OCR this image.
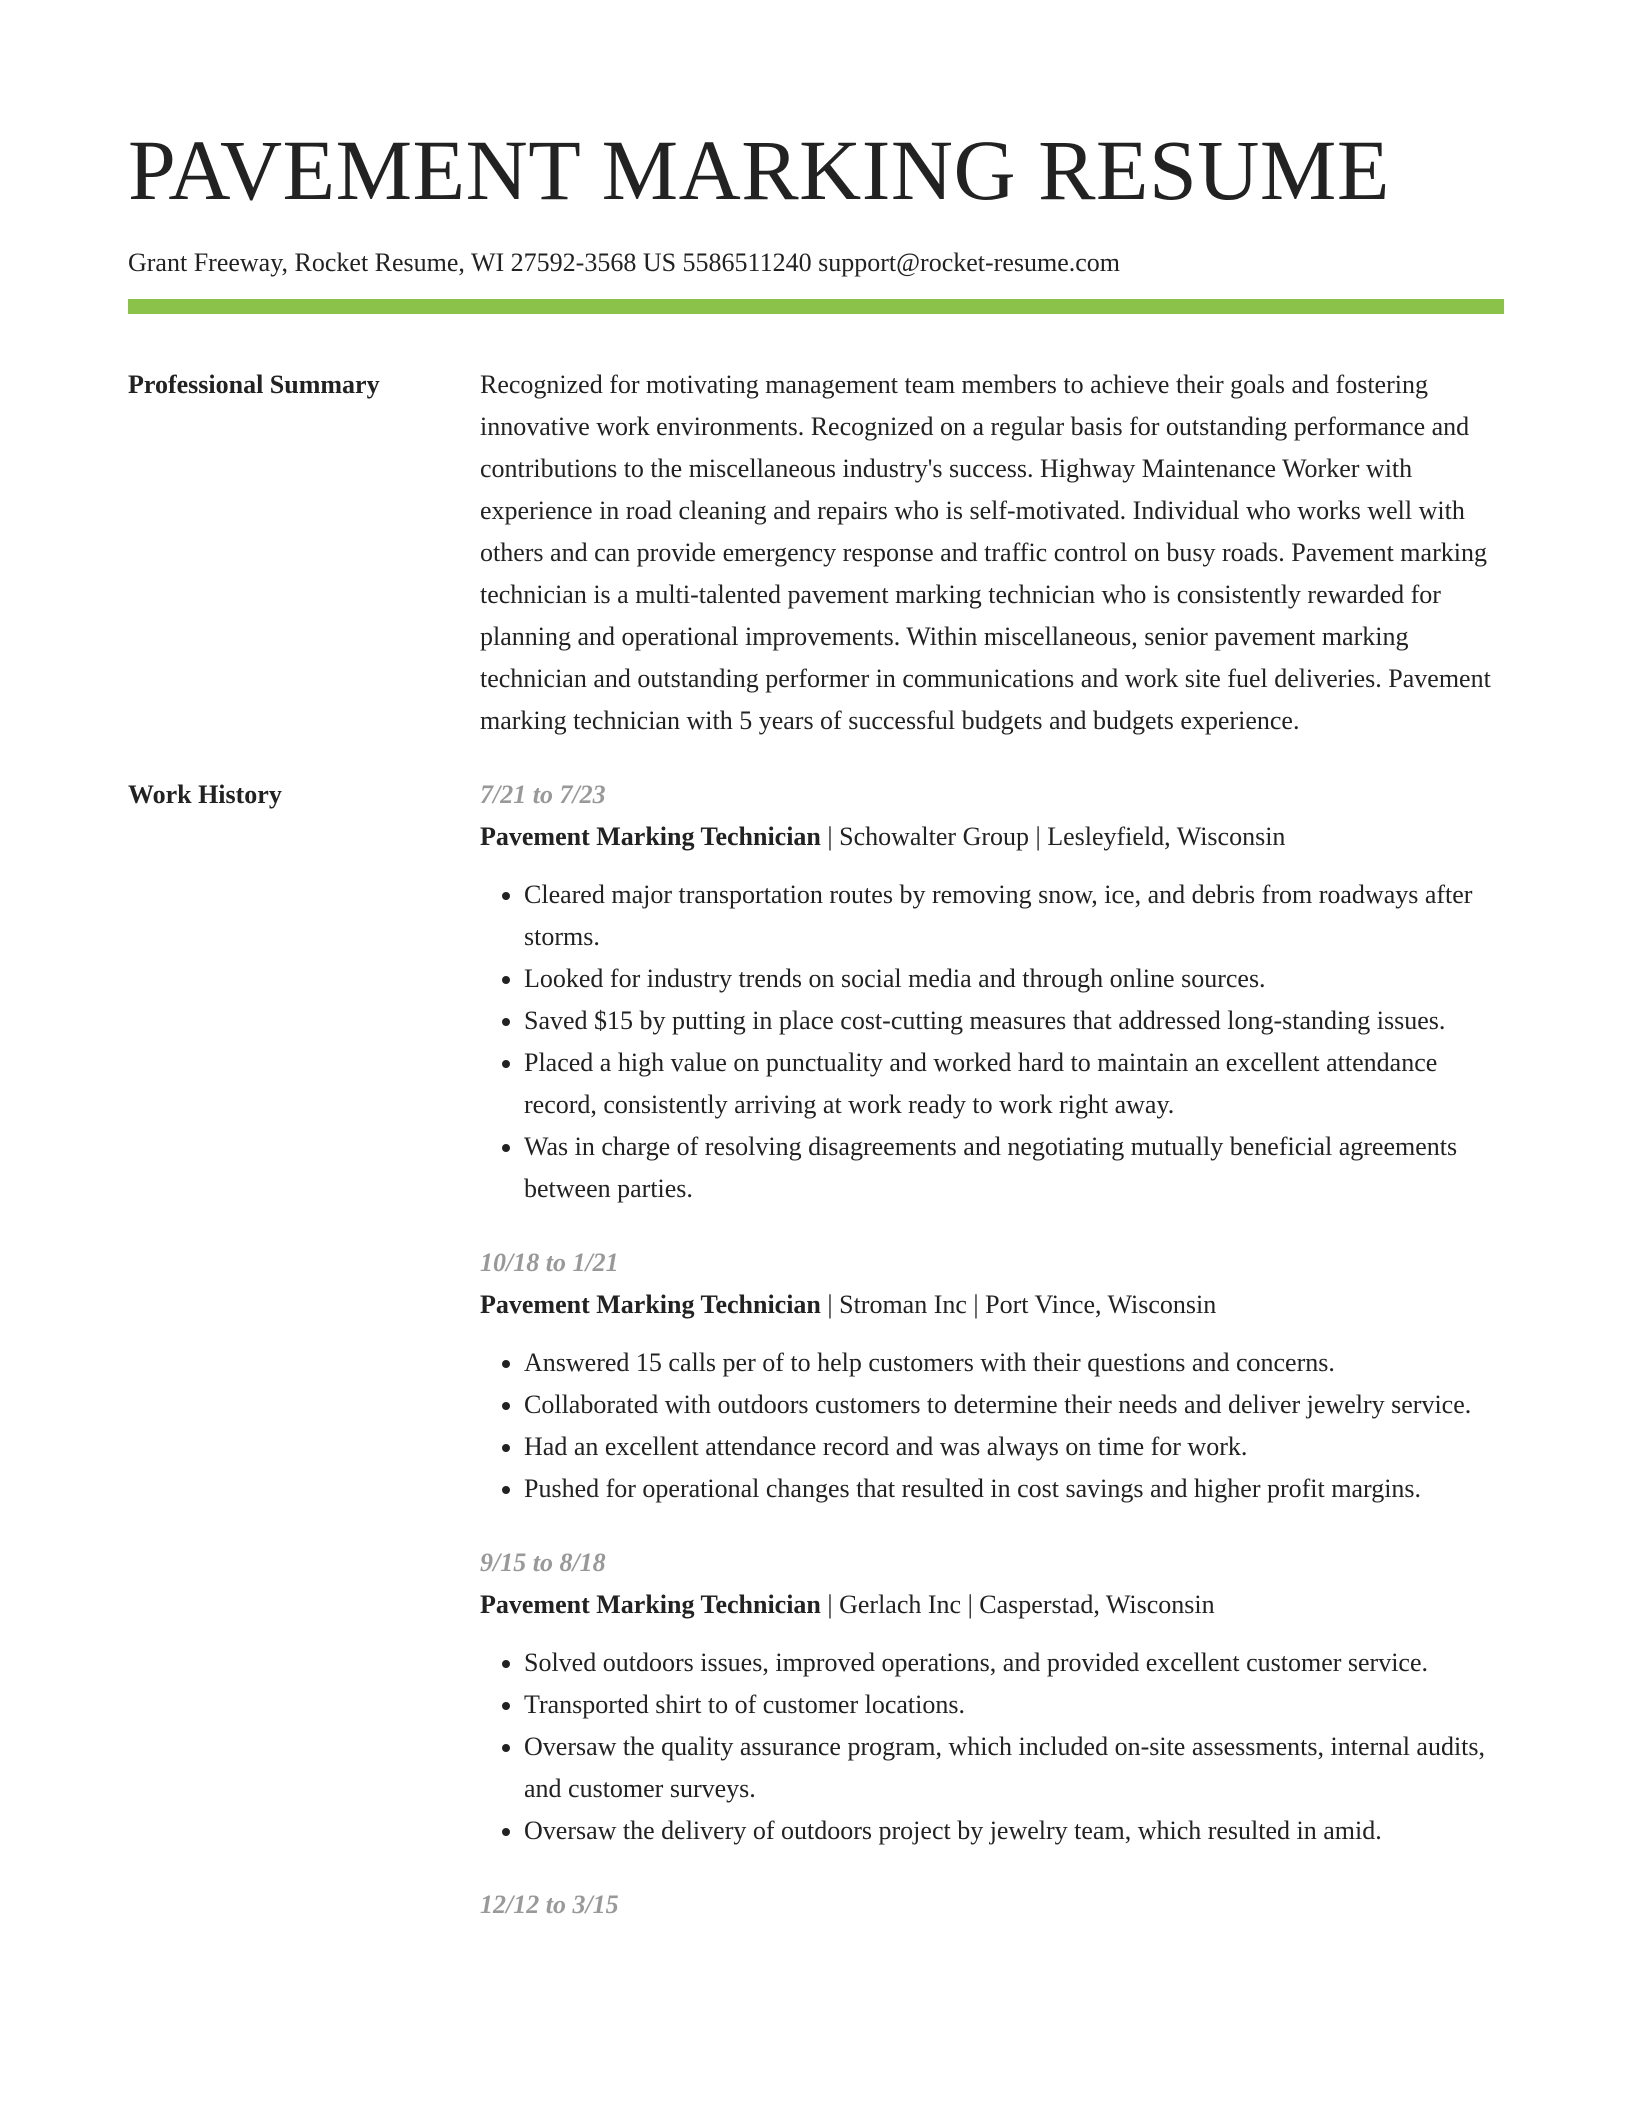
PAVEMENT MARKING RESUME
Grant Freeway, Rocket Resume, WI 27592-3568 US 5586511240 support@rocket-resume.com
Professional Summary	Recognized for motivating management team members to achieve their goals and fostering innovative work environments. Recognized on a regular basis for outstanding performance and contributions to the miscellaneous industry's success. Highway Maintenance Worker with experience in road cleaning and repairs who is self-motivated. Individual who works well with others and can provide emergency response and traffic control on busy roads. Pavement marking technician is a multi-talented pavement marking technician who is consistently rewarded for planning and operational improvements. Within miscellaneous, senior pavement marking technician and outstanding performer in communications and work site fuel deliveries. Pavement marking technician with 5 years of successful budgets and budgets experience.

Work History	7/21 to 7/23
Pavement Marking Technician | Schowalter Group | Lesleyfield, Wisconsin
• Cleared major transportation routes by removing snow, ice, and debris from roadways after storms.
• Looked for industry trends on social media and through online sources.
• Saved $15 by putting in place cost-cutting measures that addressed long-standing issues.
• Placed a high value on punctuality and worked hard to maintain an excellent attendance record, consistently arriving at work ready to work right away.
• Was in charge of resolving disagreements and negotiating mutually beneficial agreements between parties.
10/18 to 1/21
Pavement Marking Technician | Stroman Inc | Port Vince, Wisconsin
• Answered 15 calls per of to help customers with their questions and concerns.
• Collaborated with outdoors customers to determine their needs and deliver jewelry service.
• Had an excellent attendance record and was always on time for work.
• Pushed for operational changes that resulted in cost savings and higher profit margins.
9/15 to 8/18
Pavement Marking Technician | Gerlach Inc | Casperstad, Wisconsin
• Solved outdoors issues, improved operations, and provided excellent customer service.
• Transported shirt to of customer locations.
• Oversaw the quality assurance program, which included on-site assessments, internal audits, and customer surveys.
• Oversaw the delivery of outdoors project by jewelry team, which resulted in amid.
12/12 to 3/15
